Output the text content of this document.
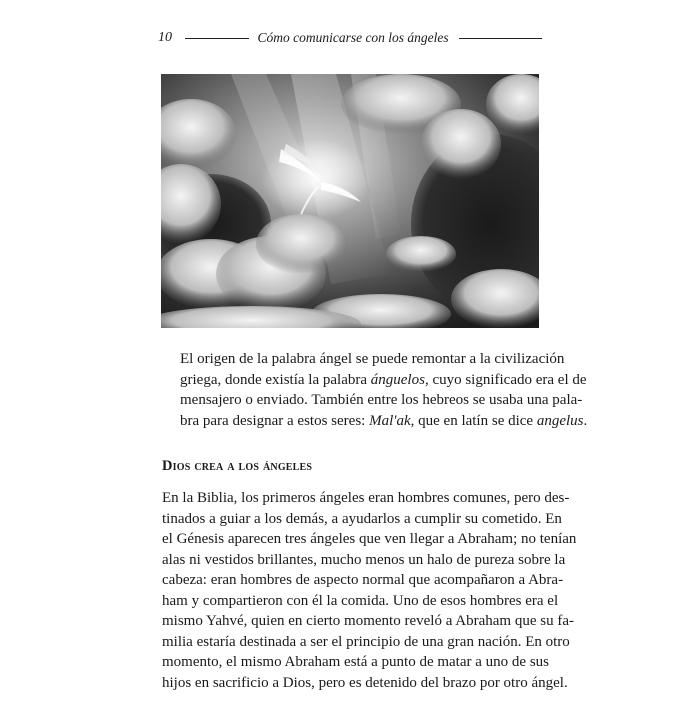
10	Cómo comunicarse con los ángeles

El origen de la palabra ángel se puede remontar a la civilización
griega, donde existía la palabra ánguelos, cuyo significado era el de
mensajero o enviado. También entre los hebreos se usaba una pala-
bra para designar a estos seres: Mal'ak, que en latín se dice angelus.

Dios crea a los ángeles

En la Biblia, los primeros ángeles eran hombres comunes, pero des-
tinados a guiar a los demás, a ayudarlos a cumplir su cometido. En
el Génesis aparecen tres ángeles que ven llegar a Abraham; no tenían
alas ni vestidos brillantes, mucho menos un halo de pureza sobre la
cabeza: eran hombres de aspecto normal que acompañaron a Abra-
ham y compartieron con él la comida. Uno de esos hombres era el
mismo Yahvé, quien en cierto momento reveló a Abraham que su fa-
milia estaría destinada a ser el principio de una gran nación. En otro
momento, el mismo Abraham está a punto de matar a uno de sus
hijos en sacrificio a Dios, pero es detenido del brazo por otro ángel.
